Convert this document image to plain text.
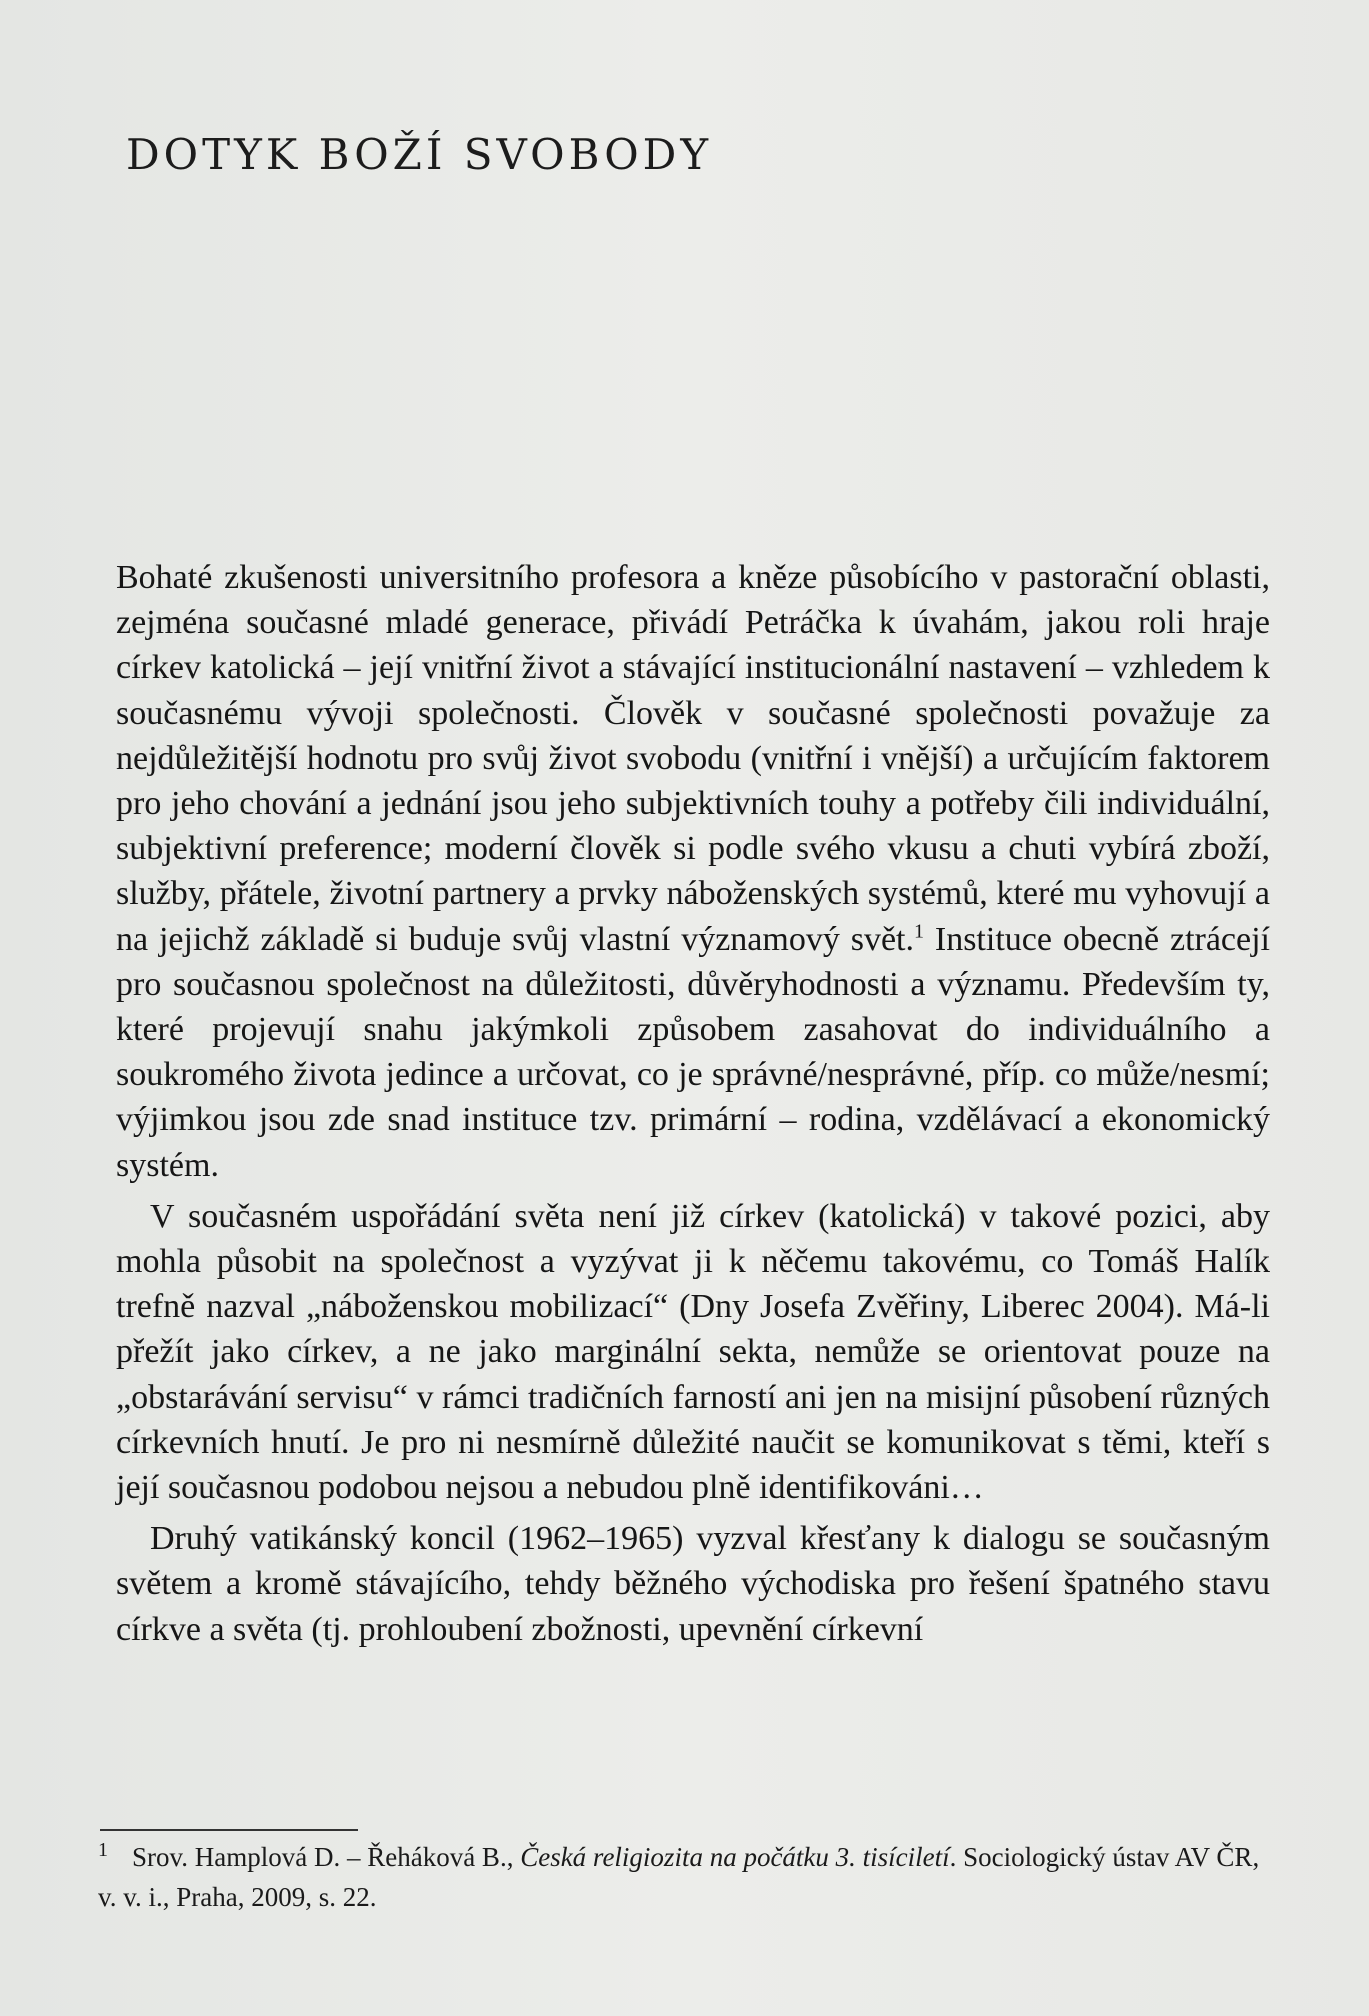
DOTYK BOŽÍ SVOBODY

Bohaté zkušenosti universitního profesora a kněze působícího v pastorační oblasti, zejména současné mladé generace, přivádí Petráčka k úvahám, jakou roli hraje církev katolická – její vnitřní život a stávající institucionální nastavení – vzhledem k současnému vývoji společnosti. Člověk v současné společnosti považuje za nejdůležitější hodnotu pro svůj život svobodu (vnitřní i vnější) a určujícím faktorem pro jeho chování a jednání jsou jeho subjektivních touhy a potřeby čili individuální, subjektivní preference; moderní člověk si podle svého vkusu a chuti vybírá zboží, služby, přátele, životní partnery a prvky náboženských systémů, které mu vyhovují a na jejichž základě si buduje svůj vlastní významový svět.$^1$ Instituce obecně ztrácejí pro současnou společnost na důležitosti, důvěryhodnosti a významu. Především ty, které projevují snahu jakýmkoli způsobem zasahovat do individuálního a soukromého života jedince a určovat, co je správné/nesprávné, příp. co může/nesmí; výjimkou jsou zde snad instituce tzv. primární – rodina, vzdělávací a ekonomický systém.

V současném uspořádání světa není již církev (katolická) v takové pozici, aby mohla působit na společnost a vyzývat ji k něčemu takovému, co Tomáš Halík trefně nazval „náboženskou mobilizací“ (Dny Josefa Zvěřiny, Liberec 2004). Má-li přežít jako církev, a ne jako marginální sekta, nemůže se orientovat pouze na „obstarávání servisu“ v rámci tradičních farností ani jen na misijní působení různých církevních hnutí. Je pro ni nesmírně důležité naučit se komunikovat s těmi, kteří s její současnou podobou nejsou a nebudou plně identifikováni…

Druhý vatikánský koncil (1962–1965) vyzval křesťany k dialogu se současným světem a kromě stávajícího, tehdy běžného východiska pro řešení špatného stavu církve a světa (tj. prohloubení zbožnosti, upevnění církevní

$^1$ Srov. Hamplová D. – Řeháková B., Česká religiozita na počátku 3. tisíciletí. Sociologický ústav AV ČR, v. v. i., Praha, 2009, s. 22.
